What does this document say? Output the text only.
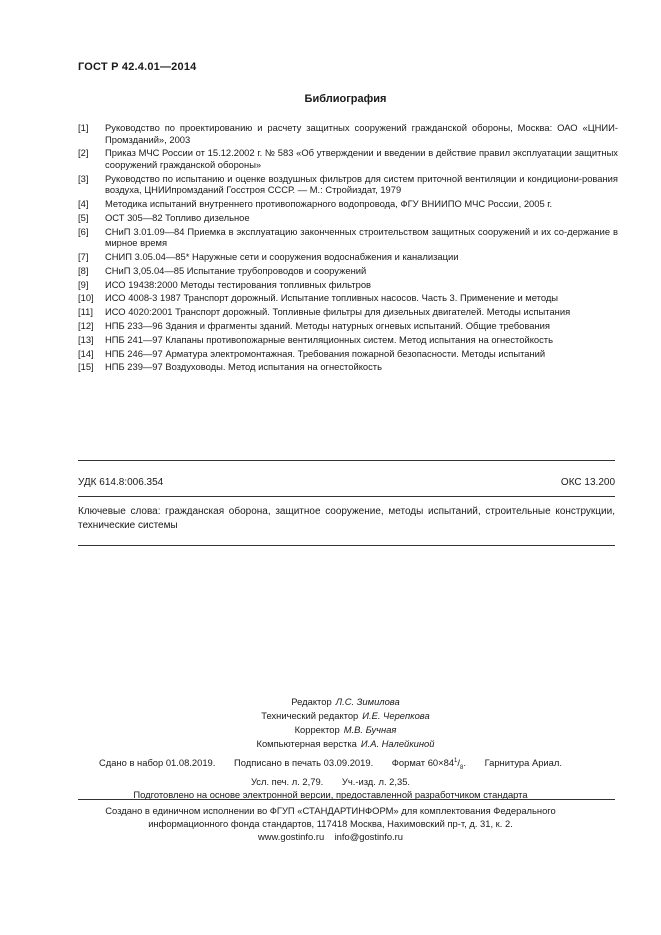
ГОСТ Р 42.4.01—2014
Библиография
[1] Руководство по проектированию и расчету защитных сооружений гражданской обороны, Москва: ОАО «ЦНИИ-Промзданий», 2003
[2] Приказ МЧС России от 15.12.2002 г. № 583 «Об утверждении и введении в действие правил эксплуатации защитных сооружений гражданской обороны»
[3] Руководство по испытанию и оценке воздушных фильтров для систем приточной вентиляции и кондициони-рования воздуха, ЦНИИпромзданий Госстроя СССР. — М.: Стройиздат, 1979
[4] Методика испытаний внутреннего противопожарного водопровода, ФГУ ВНИИПО МЧС России, 2005 г.
[5] ОСТ 305—82 Топливо дизельное
[6] СНиП 3.01.09—84 Приемка в эксплуатацию законченных строительством защитных сооружений и их со-держание в мирное время
[7] СНИП 3.05.04—85* Наружные сети и сооружения водоснабжения и канализации
[8] СНиП 3,05.04—85 Испытание трубопроводов и сооружений
[9] ИСО 19438:2000 Методы тестирования топливных фильтров
[10] ИСО 4008-3 1987 Транспорт дорожный. Испытание топливных насосов. Часть 3. Применение и методы
[11] ИСО 4020:2001 Транспорт дорожный. Топливные фильтры для дизельных двигателей. Методы испытания
[12] НПБ 233—96 Здания и фрагменты зданий. Методы натурных огневых испытаний. Общие требования
[13] НПБ 241—97 Клапаны противопожарные вентиляционных систем. Метод испытания на огнестойкость
[14] НПБ 246—97 Арматура электромонтажная. Требования пожарной безопасности. Методы испытаний
[15] НПБ 239—97 Воздуховоды. Метод испытания на огнестойкость
УДК 614.8:006.354	ОКС 13.200
Ключевые слова: гражданская оборона, защитное сооружение, методы испытаний, строительные конструкции, технические системы
Редактор Л.С. Зимилова
Технический редактор И.Е. Черепкова
Корректор М.В. Бучная
Компьютерная верстка И.А. Налейкиной
Сдано в набор 01.08.2019. Подписано в печать 03.09.2019. Формат $60\times 84^1/_8$. Гарнитура Ариал.
Усл. печ. л. 2,79. Уч.-изд. л. 2,35.
Подготовлено на основе электронной версии, предоставленной разработчиком стандарта
Создано в единичном исполнении во ФГУП «СТАНДАРТИНФОРМ» для комплектования Федерального
информационного фонда стандартов, 117418 Москва, Нахимовский пр-т, д. 31, к. 2.
www.gostinfo.ru info@gostinfo.ru
